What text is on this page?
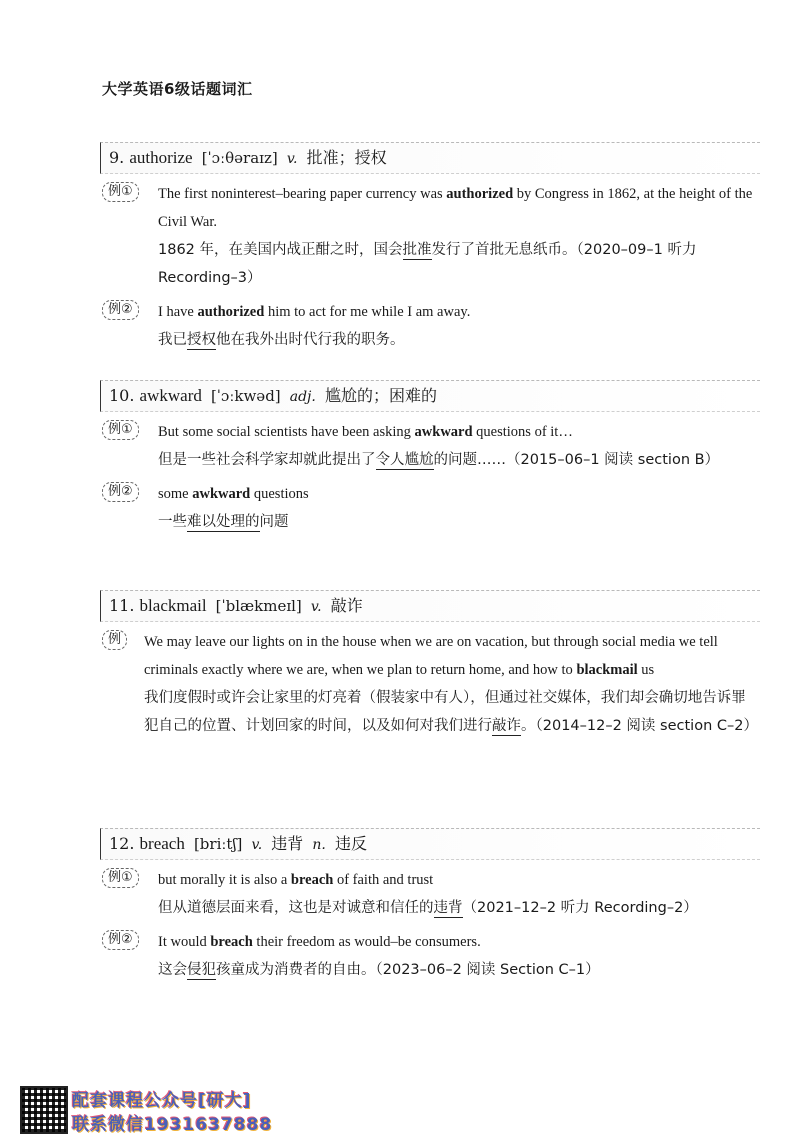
大学英语6级话题词汇
9. authorize [ˈɔːθəraɪz] v. 批准；授权
例①	The first noninterest–bearing paper currency was authorized by Congress in 1862, at the height of the Civil War.
1862 年，在美国内战正酣之时，国会批准发行了首批无息纸币。（2020–09–1 听力 Recording–3）
例②	I have authorized him to act for me while I am away.
我已授权他在我外出时代行我的职务。
10. awkward [ˈɔːkwəd] adj. 尴尬的；困难的
例①	But some social scientists have been asking awkward questions of it…
但是一些社会科学家却就此提出了令人尴尬的问题……（2015–06–1 阅读 section B）
例②	some awkward questions
一些难以处理的问题
11. blackmail [ˈblækmeɪl] v. 敲诈
例	We may leave our lights on in the house when we are on vacation, but through social media we tell criminals exactly where we are, when we plan to return home, and how to blackmail us
我们度假时或许会让家里的灯亮着（假装家中有人），但通过社交媒体，我们却会确切地告诉罪犯自己的位置、计划回家的时间，以及如何对我们进行敲诈。（2014–12–2 阅读 section C–2）
12. breach [briːtʃ] v. 违背 n. 违反
例①	but morally it is also a breach of faith and trust
但从道德层面来看，这也是对诚意和信任的违背（2021–12–2 听力 Recording–2）
例②	It would breach their freedom as would–be consumers.
这会侵犯孩童成为消费者的自由。（2023–06–2 阅读 Section C–1）
配套课程公众号[研大]
联系微信1931637888
